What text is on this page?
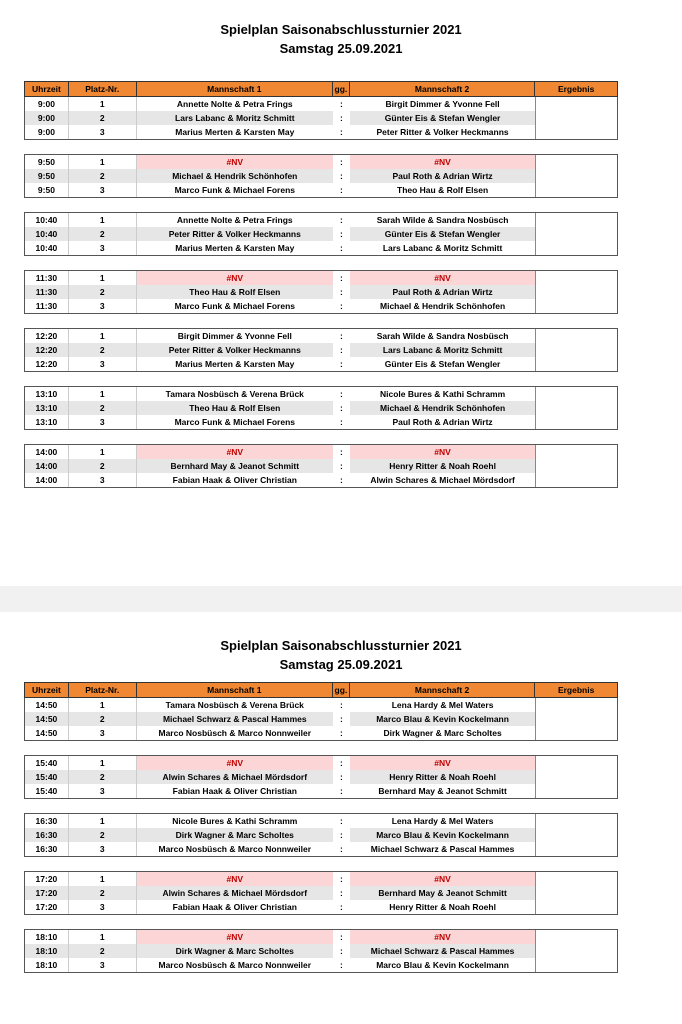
Spielplan Saisonabschlussturnier 2021
Samstag 25.09.2021
Uhrzeit	Platz-Nr.	Mannschaft 1	gg.	Mannschaft 2	Ergebnis
9:00	1	Annette Nolte & Petra Frings	:	Birgit Dimmer & Yvonne Fell
9:00	2	Lars Labanc & Moritz Schmitt	:	Günter Eis & Stefan Wengler
9:00	3	Marius Merten & Karsten May	:	Peter Ritter & Volker Heckmanns
9:50	1	#NV	:	#NV
9:50	2	Michael & Hendrik Schönhofen	:	Paul Roth & Adrian Wirtz
9:50	3	Marco Funk & Michael Forens	:	Theo Hau & Rolf Elsen
10:40	1	Annette Nolte & Petra Frings	:	Sarah Wilde & Sandra Nosbüsch
10:40	2	Peter Ritter & Volker Heckmanns	:	Günter Eis & Stefan Wengler
10:40	3	Marius Merten & Karsten May	:	Lars Labanc & Moritz Schmitt
11:30	1	#NV	:	#NV
11:30	2	Theo Hau & Rolf Elsen	:	Paul Roth & Adrian Wirtz
11:30	3	Marco Funk & Michael Forens	:	Michael & Hendrik Schönhofen
12:20	1	Birgit Dimmer & Yvonne Fell	:	Sarah Wilde & Sandra Nosbüsch
12:20	2	Peter Ritter & Volker Heckmanns	:	Lars Labanc & Moritz Schmitt
12:20	3	Marius Merten & Karsten May	:	Günter Eis & Stefan Wengler
13:10	1	Tamara Nosbüsch & Verena Brück	:	Nicole Bures & Kathi Schramm
13:10	2	Theo Hau & Rolf Elsen	:	Michael & Hendrik Schönhofen
13:10	3	Marco Funk & Michael Forens	:	Paul Roth & Adrian Wirtz
14:00	1	#NV	:	#NV
14:00	2	Bernhard May & Jeanot Schmitt	:	Henry Ritter & Noah Roehl
14:00	3	Fabian Haak & Oliver Christian	:	Alwin Schares & Michael Mördsdorf
Spielplan Saisonabschlussturnier 2021
Samstag 25.09.2021
Uhrzeit	Platz-Nr.	Mannschaft 1	gg.	Mannschaft 2	Ergebnis
14:50	1	Tamara Nosbüsch & Verena Brück	:	Lena Hardy & Mel Waters
14:50	2	Michael Schwarz & Pascal Hammes	:	Marco Blau & Kevin Kockelmann
14:50	3	Marco Nosbüsch & Marco Nonnweiler	:	Dirk Wagner & Marc Scholtes
15:40	1	#NV	:	#NV
15:40	2	Alwin Schares & Michael Mördsdorf	:	Henry Ritter & Noah Roehl
15:40	3	Fabian Haak & Oliver Christian	:	Bernhard May & Jeanot Schmitt
16:30	1	Nicole Bures & Kathi Schramm	:	Lena Hardy & Mel Waters
16:30	2	Dirk Wagner & Marc Scholtes	:	Marco Blau & Kevin Kockelmann
16:30	3	Marco Nosbüsch & Marco Nonnweiler	:	Michael Schwarz & Pascal Hammes
17:20	1	#NV	:	#NV
17:20	2	Alwin Schares & Michael Mördsdorf	:	Bernhard May & Jeanot Schmitt
17:20	3	Fabian Haak & Oliver Christian	:	Henry Ritter & Noah Roehl
18:10	1	#NV	:	#NV
18:10	2	Dirk Wagner & Marc Scholtes	:	Michael Schwarz & Pascal Hammes
18:10	3	Marco Nosbüsch & Marco Nonnweiler	:	Marco Blau & Kevin Kockelmann
